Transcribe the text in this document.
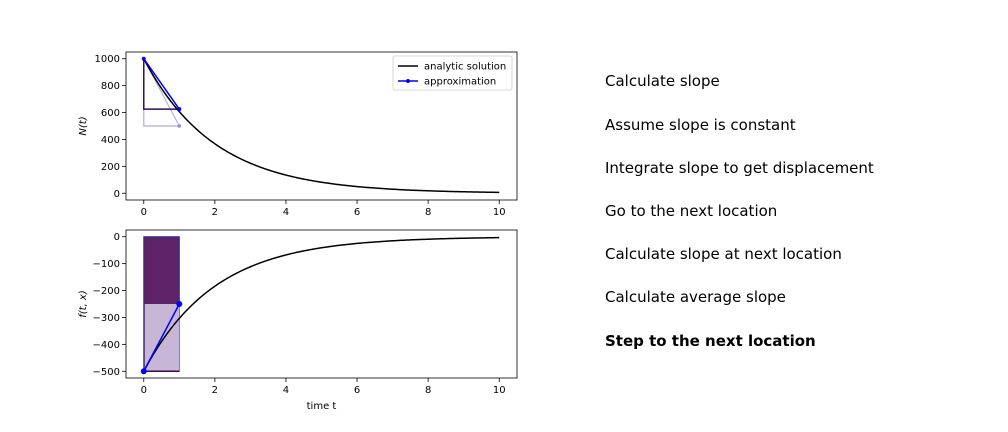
0	2	4	6	8	10
0
200
400
600
800
1000
N(t)
analytic solution
approximation
0	2	4	6	8	10
0
−100
−200
−300
−400
−500
f(t, x)
time t
Calculate slope
Assume slope is constant
Integrate slope to get displacement
Go to the next location
Calculate slope at next location
Calculate average slope
Step to the next location
